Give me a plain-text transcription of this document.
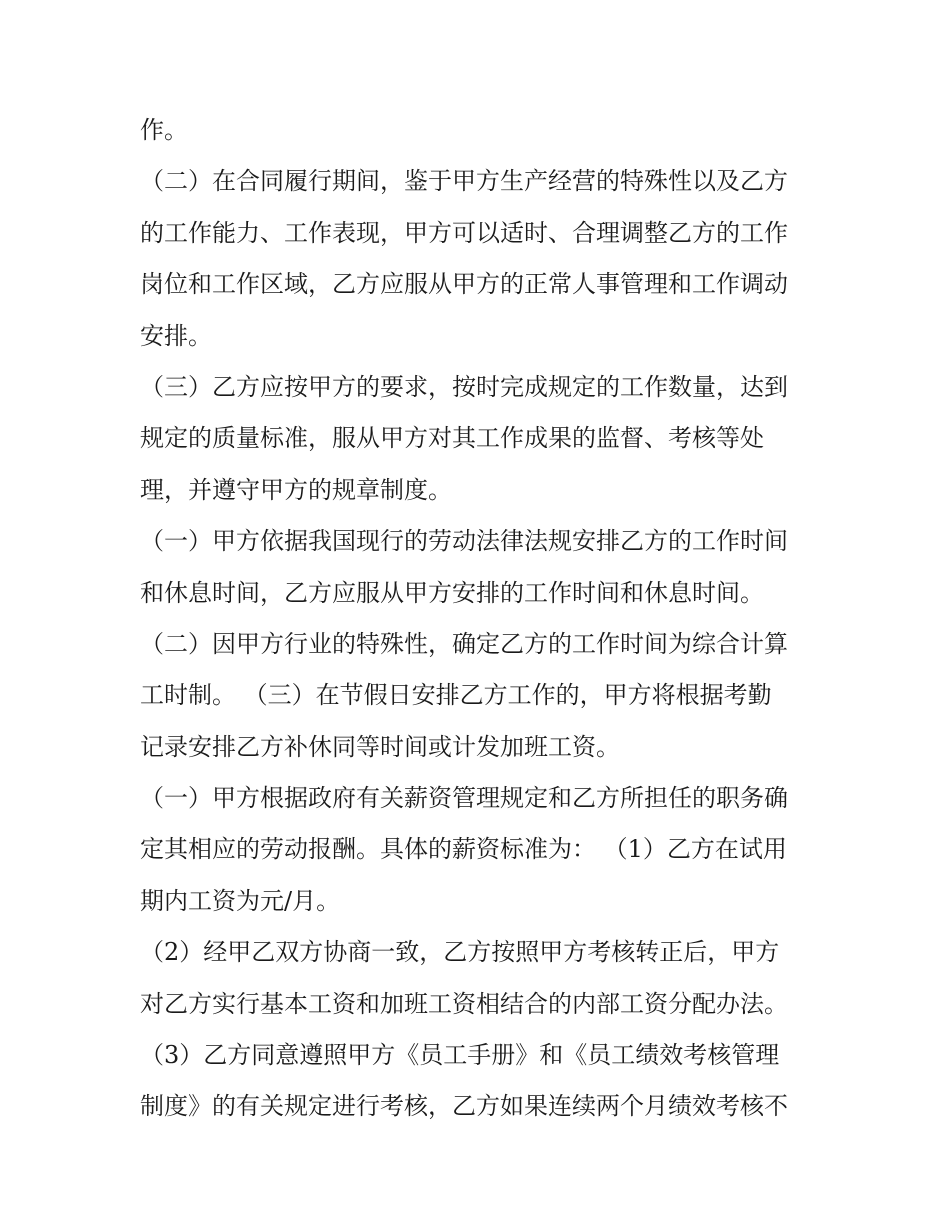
作。
（二）在合同履行期间，鉴于甲方生产经营的特殊性以及乙方
的工作能力、工作表现，甲方可以适时、合理调整乙方的工作
岗位和工作区域，乙方应服从甲方的正常人事管理和工作调动
安排。
（三）乙方应按甲方的要求，按时完成规定的工作数量，达到
规定的质量标准，服从甲方对其工作成果的监督、考核等处
理，并遵守甲方的规章制度。
（一）甲方依据我国现行的劳动法律法规安排乙方的工作时间
和休息时间，乙方应服从甲方安排的工作时间和休息时间。
（二）因甲方行业的特殊性，确定乙方的工作时间为综合计算
工时制。 （三）在节假日安排乙方工作的，甲方将根据考勤
记录安排乙方补休同等时间或计发加班工资。
（一）甲方根据政府有关薪资管理规定和乙方所担任的职务确
定其相应的劳动报酬。具体的薪资标准为： （1）乙方在试用
期内工资为元/月。
（2）经甲乙双方协商一致，乙方按照甲方考核转正后，甲方
对乙方实行基本工资和加班工资相结合的内部工资分配办法。
（3）乙方同意遵照甲方《员工手册》和《员工绩效考核管理
制度》的有关规定进行考核，乙方如果连续两个月绩效考核不
